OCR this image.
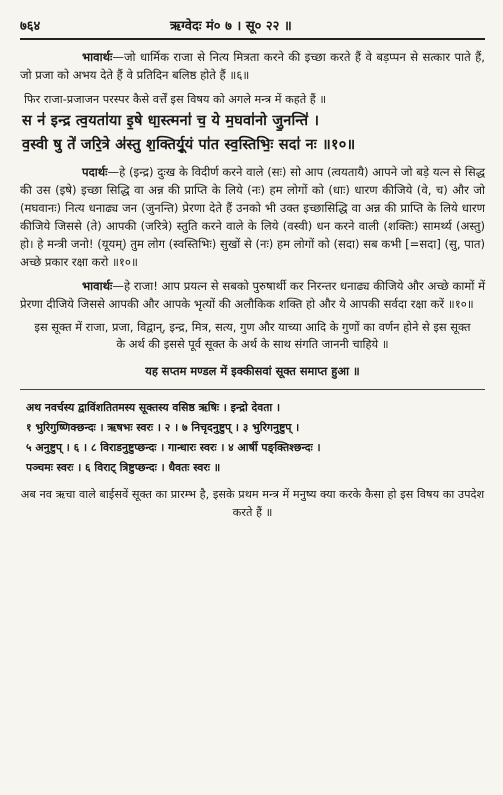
७६४	ऋग्वेदः मं० ७ । सू० २२ ॥

भावार्थः—जो धार्मिक राजा से नित्य मित्रता करने की इच्छा करते हैं वे बड़प्पन से सत्कार पाते हैं, जो प्रजा को अभय देते हैं वे प्रतिदिन बलिष्ठ होते हैं ॥६॥

फिर राजा-प्रजाजन परस्पर कैसे वर्त्तें इस विषय को अगले मन्त्र में कहते हैं ॥

स न॑ इन्द्र त्व॒यता॑या इ॒षे धा॒स्त्मना॑ च॒ ये म॒घवा॑नो जु॒नन्ति॑ ।

व॒स्वी षु ते॑ जरि॒त्रे अ॑स्तु श॒क्तिर्यू॒यं पा॑त स्व॒स्तिभिः॒ सदा॑ नः ॥१०॥

पदार्थः—हे (इन्द्र) दुःख के विदीर्ण करने वाले (सः) सो आप (त्वयतायै) आपने जो बड़े यत्न से सिद्ध की उस (इषे) इच्छा सिद्धि वा अन्न की प्राप्ति के लिये (नः) हम लोगों को (धाः) धारण कीजिये (वे, च) और जो (मघवानः) नित्य धनाढ्य जन (जुनन्ति) प्रेरणा देते हैं उनको भी उक्त इच्छासिद्धि वा अन्न की प्राप्ति के लिये धारण कीजिये जिससे (ते) आपकी (जरित्रे) स्तुति करने वाले के लिये (वस्वी) धन करने वाली (शक्तिः) सामर्थ्य (अस्तु) हो। हे मन्त्री जनो! (यूयम्) तुम लोग (स्वस्तिभिः) सुखों से (नः) हम लोगों को (सदा) सब कभी [=सदा] (सु, पात) अच्छे प्रकार रक्षा करो ॥१०॥

भावार्थः—हे राजा! आप प्रयत्न से सबको पुरुषार्थी कर निरन्तर धनाढ्य कीजिये और अच्छे कामों में प्रेरणा दीजिये जिससे आपकी और आपके भृत्यों की अलौकिक शक्ति हो और ये आपकी सर्वदा रक्षा करें ॥१०॥

इस सूक्त में राजा, प्रजा, विद्वान्, इन्द्र, मित्र, सत्य, गुण और याच्या आदि के गुणों का वर्णन होने से इस सूक्त के अर्थ की इससे पूर्व सूक्त के अर्थ के साथ संगति जाननी चाहिये ॥

यह सप्तम मण्डल में इक्कीसवां सूक्त समाप्त हुआ ॥

अथ नवर्चस्य द्वाविंशतितमस्य सूक्तस्य वसिष्ठ ऋषिः । इन्द्रो देवता ।

१ भुरिगुष्णिक्छन्दः । ऋषभः स्वरः । २ । ७ निचृदनुष्टुप् । ३ भुरिगनुष्टुप् ।

५ अनुष्टुप् । ६ । ८ विराडनुष्टुप्छन्दः । गान्धारः स्वरः । ४ आर्षी पङ्क्तिश्छन्दः ।

पञ्चमः स्वरः । ६ विराट् त्रिष्टुप्छन्दः । धैवतः स्वरः ॥

अब नव ऋचा वाले बाईसवें सूक्त का प्रारम्भ है, इसके प्रथम मन्त्र में मनुष्य क्या करके कैसा हो इस विषय का उपदेश करते हैं ॥
